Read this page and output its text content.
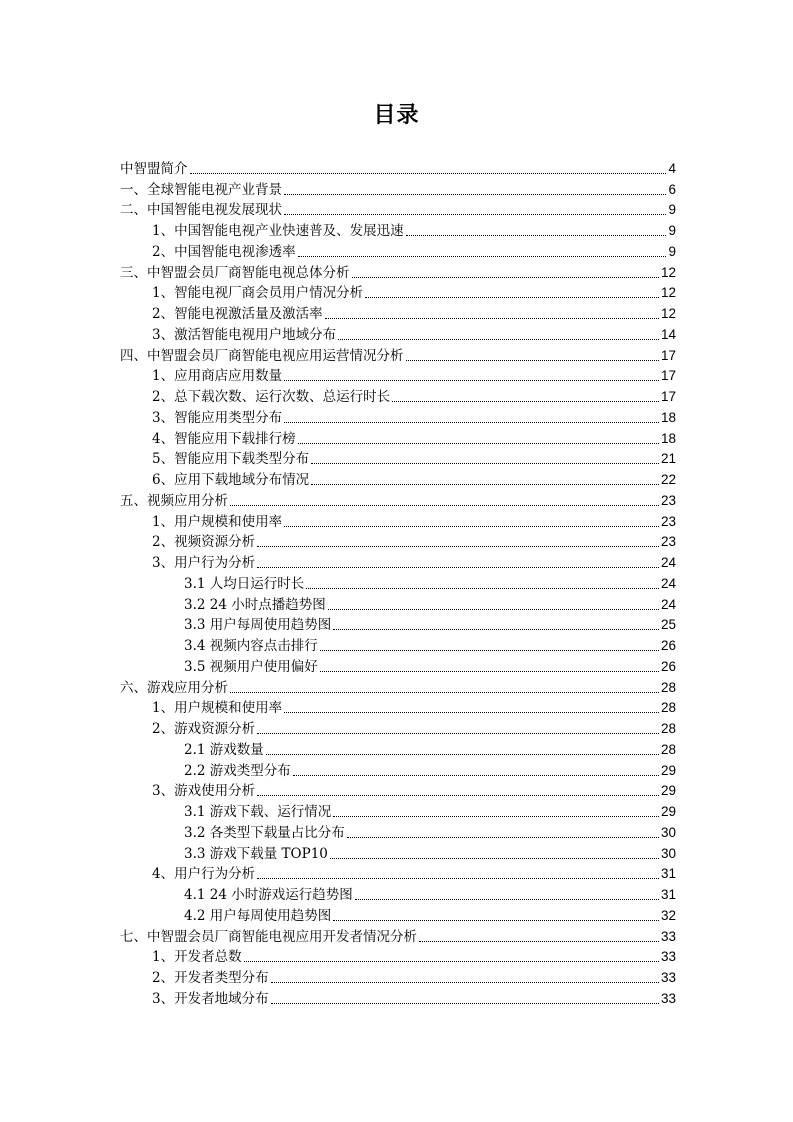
目录
中智盟简介	4
一、全球智能电视产业背景	6
二、中国智能电视发展现状	9
1、中国智能电视产业快速普及、发展迅速	9
2、中国智能电视渗透率	9
三、中智盟会员厂商智能电视总体分析	12
1、智能电视厂商会员用户情况分析	12
2、智能电视激活量及激活率	12
3、激活智能电视用户地域分布	14
四、中智盟会员厂商智能电视应用运营情况分析	17
1、应用商店应用数量	17
2、总下载次数、运行次数、总运行时长	17
3、智能应用类型分布	18
4、智能应用下载排行榜	18
5、智能应用下载类型分布	21
6、应用下载地域分布情况	22
五、视频应用分析	23
1、用户规模和使用率	23
2、视频资源分析	23
3、用户行为分析	24
3.1 人均日运行时长	24
3.2 24 小时点播趋势图	24
3.3 用户每周使用趋势图	25
3.4 视频内容点击排行	26
3.5 视频用户使用偏好	26
六、游戏应用分析	28
1、用户规模和使用率	28
2、游戏资源分析	28
2.1 游戏数量	28
2.2 游戏类型分布	29
3、游戏使用分析	29
3.1 游戏下载、运行情况	29
3.2 各类型下载量占比分布	30
3.3 游戏下载量 TOP10	30
4、用户行为分析	31
4.1 24 小时游戏运行趋势图	31
4.2 用户每周使用趋势图	32
七、中智盟会员厂商智能电视应用开发者情况分析	33
1、开发者总数	33
2、开发者类型分布	33
3、开发者地域分布	33
